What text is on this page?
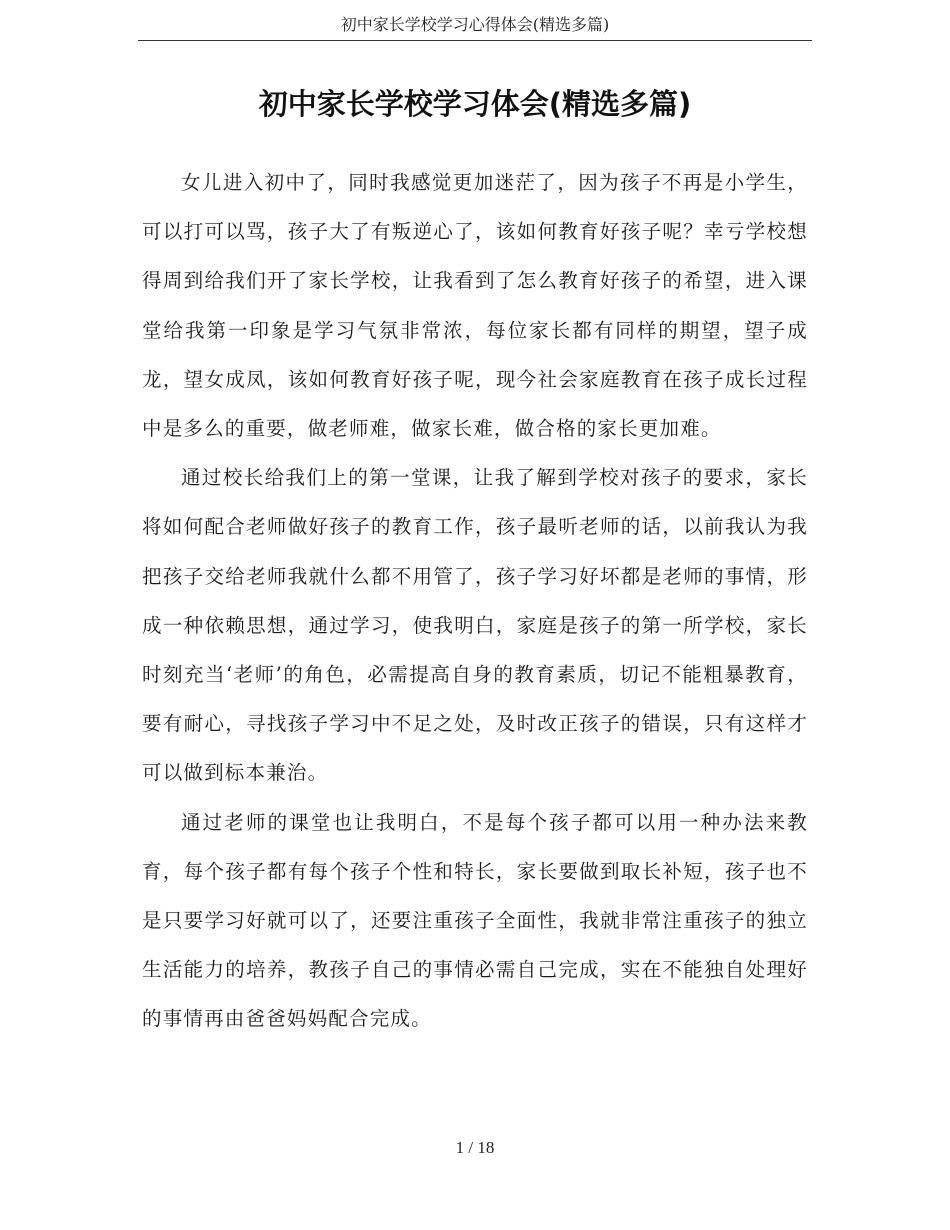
初中家长学校学习心得体会(精选多篇)
初中家长学校学习体会(精选多篇)

女儿进入初中了，同时我感觉更加迷茫了，因为孩子不再是小学生，可以打可以骂，孩子大了有叛逆心了，该如何教育好孩子呢？幸亏学校想得周到给我们开了家长学校，让我看到了怎么教育好孩子的希望，进入课堂给我第一印象是学习气氛非常浓，每位家长都有同样的期望，望子成龙，望女成凤，该如何教育好孩子呢，现今社会家庭教育在孩子成长过程中是多么的重要，做老师难，做家长难，做合格的家长更加难。

通过校长给我们上的第一堂课，让我了解到学校对孩子的要求，家长将如何配合老师做好孩子的教育工作，孩子最听老师的话，以前我认为我把孩子交给老师我就什么都不用管了，孩子学习好坏都是老师的事情，形成一种依赖思想，通过学习，使我明白，家庭是孩子的第一所学校，家长时刻充当‘老师’的角色，必需提高自身的教育素质，切记不能粗暴教育，要有耐心，寻找孩子学习中不足之处，及时改正孩子的错误，只有这样才可以做到标本兼治。

通过老师的课堂也让我明白，不是每个孩子都可以用一种办法来教育，每个孩子都有每个孩子个性和特长，家长要做到取长补短，孩子也不是只要学习好就可以了，还要注重孩子全面性，我就非常注重孩子的独立生活能力的培养，教孩子自己的事情必需自己完成，实在不能独自处理好的事情再由爸爸妈妈配合完成。

1 / 18
